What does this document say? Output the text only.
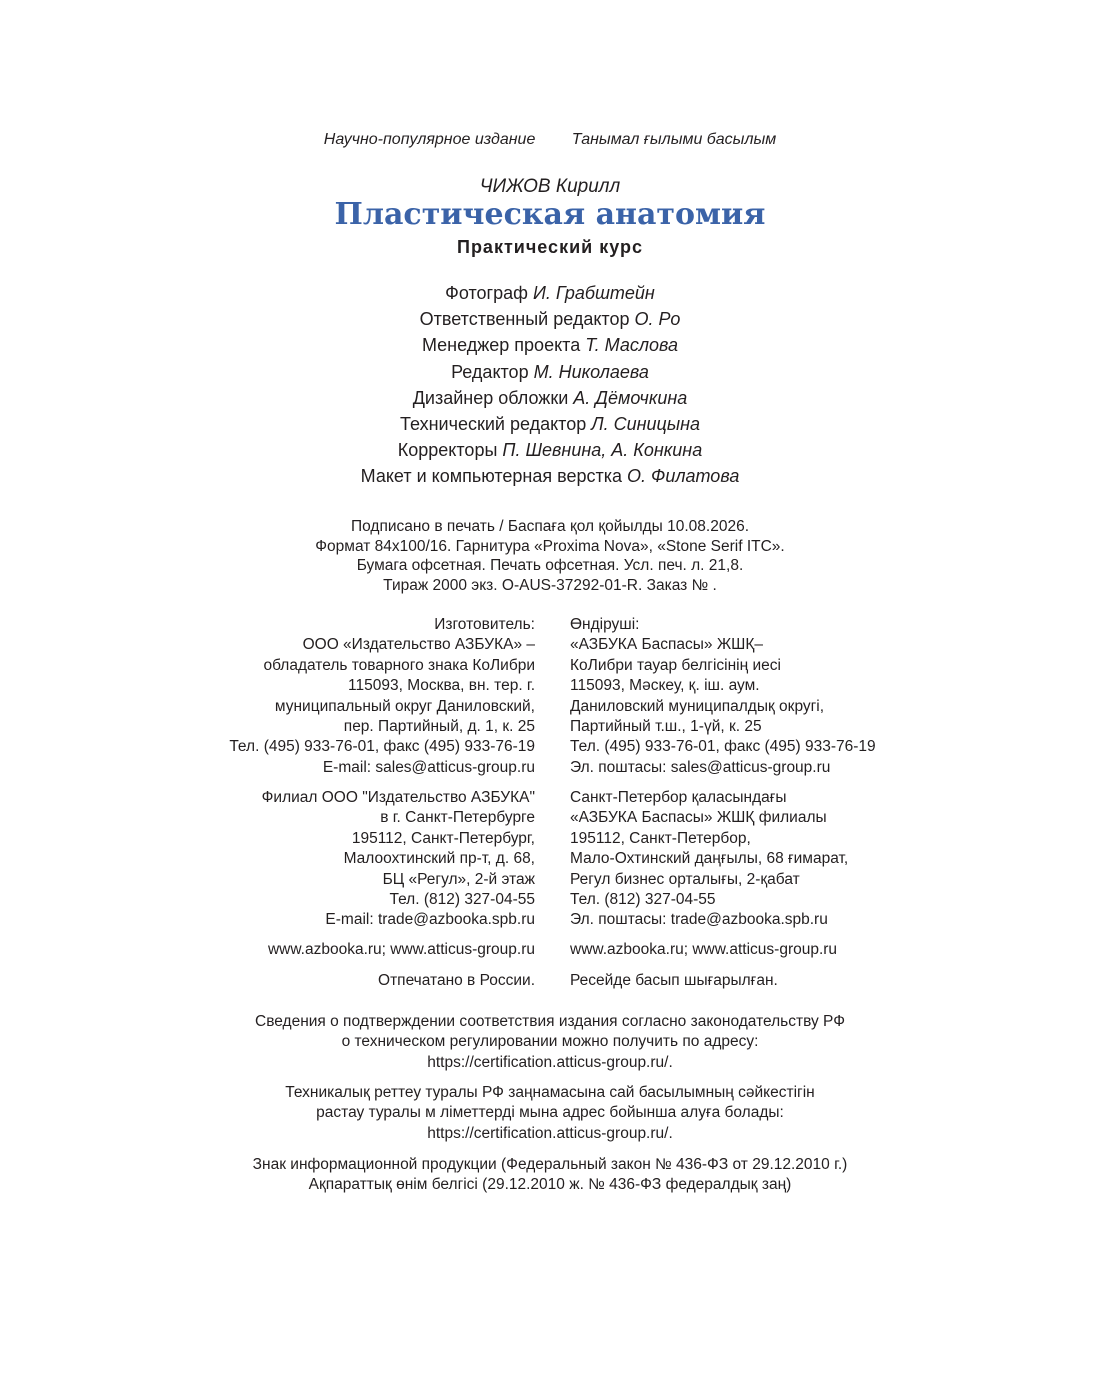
Научно-популярное издание Танымал ғылыми басылым
ЧИЖОВ Кирилл
Пластическая анатомия
Практический курс
Фотограф И. Грабштейн
Ответственный редактор О. Ро
Менеджер проекта Т. Маслова
Редактор М. Николаева
Дизайнер обложки А. Дёмочкина
Технический редактор Л. Синицына
Корректоры П. Шевнина, А. Конкина
Макет и компьютерная верстка О. Филатова
Подписано в печать / Баспаға қол қойылды 10.08.2026.
Формат 84x100/16. Гарнитура «Proxima Nova», «Stone Serif ITC».
Бумага офсетная. Печать офсетная. Усл. печ. л. 21,8.
Тираж 2000 экз. O-AUS-37292-01-R. Заказ № .
Изготовитель:
ООО «Издательство АЗБУКА» –
обладатель товарного знака КоЛибри
115093, Москва, вн. тер. г.
муниципальный округ Даниловский,
пер. Партийный, д. 1, к. 25
Тел. (495) 933-76-01, факс (495) 933-76-19
E-mail: sales@atticus-group.ru
Өндіруші:
«АЗБУКА Баспасы» ЖШҚ–
КоЛибри тауар белгісінің иесі
115093, Мәскеу, қ. іш. аум.
Даниловский муниципалдық округі,
Партийный т.ш., 1-үй, к. 25
Тел. (495) 933-76-01, факс (495) 933-76-19
Эл. поштасы: sales@atticus-group.ru
Филиал ООО "Издательство АЗБУКА"
в г. Санкт-Петербурге
195112, Санкт-Петербург,
Малоохтинский пр-т, д. 68,
БЦ «Регул», 2-й этаж
Тел. (812) 327-04-55
E-mail: trade@azbooka.spb.ru
Санкт-Петербор қаласындағы
«АЗБУКА Баспасы» ЖШҚ филиалы
195112, Санкт-Петербор,
Мало-Охтинский даңғылы, 68 ғимарат,
Регул бизнес орталығы, 2-қабат
Тел. (812) 327-04-55
Эл. поштасы: trade@azbooka.spb.ru
www.azbooka.ru; www.atticus-group.ru www.azbooka.ru; www.atticus-group.ru
Отпечатано в России. Ресейде басып шығарылған.
Сведения о подтверждении соответствия издания согласно законодательству РФ
о техническом регулировании можно получить по адресу:
https://certification.atticus-group.ru/.
Техникалық реттеу туралы РФ заңнамасына сай басылымның сәйкестігін
растау туралы м ліметтерді мына адрес бойынша алуға болады:
https://certification.atticus-group.ru/.
Знак информационной продукции (Федеральный закон № 436-ФЗ от 29.12.2010 г.)
Ақпараттық өнім белгісі (29.12.2010 ж. № 436-ФЗ федералдық заң)
